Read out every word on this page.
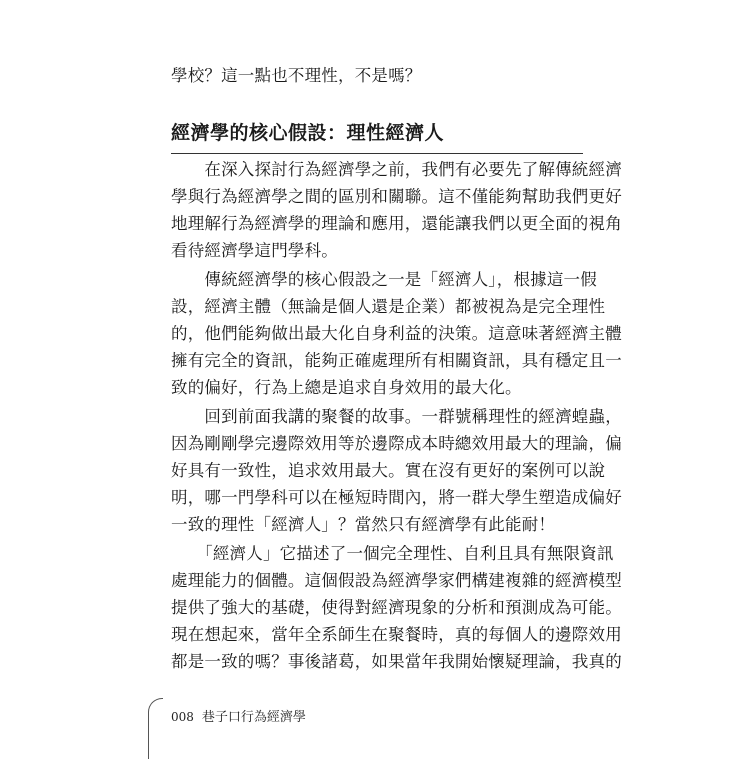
學校？這一點也不理性，不是嗎？
經濟學的核心假設：理性經濟人
　　在深入探討行為經濟學之前，我們有必要先了解傳統經濟
學與行為經濟學之間的區別和關聯。這不僅能夠幫助我們更好
地理解行為經濟學的理論和應用，還能讓我們以更全面的視角
看待經濟學這門學科。
　　傳統經濟學的核心假設之一是「經濟人」，根據這一假
設，經濟主體（無論是個人還是企業）都被視為是完全理性
的，他們能夠做出最大化自身利益的決策。這意味著經濟主體
擁有完全的資訊，能夠正確處理所有相關資訊，具有穩定且一
致的偏好，行為上總是追求自身效用的最大化。
　　回到前面我講的聚餐的故事。一群號稱理性的經濟蝗蟲，
因為剛剛學完邊際效用等於邊際成本時總效用最大的理論，偏
好具有一致性，追求效用最大。實在沒有更好的案例可以說
明，哪一門學科可以在極短時間內，將一群大學生塑造成偏好
一致的理性「經濟人」？當然只有經濟學有此能耐！
　　「經濟人」它描述了一個完全理性、自利且具有無限資訊
處理能力的個體。這個假設為經濟學家們構建複雜的經濟模型
提供了強大的基礎，使得對經濟現象的分析和預測成為可能。
現在想起來，當年全系師生在聚餐時，真的每個人的邊際效用
都是一致的嗎？事後諸葛，如果當年我開始懷疑理論，我真的
008 巷子口行為經濟學
